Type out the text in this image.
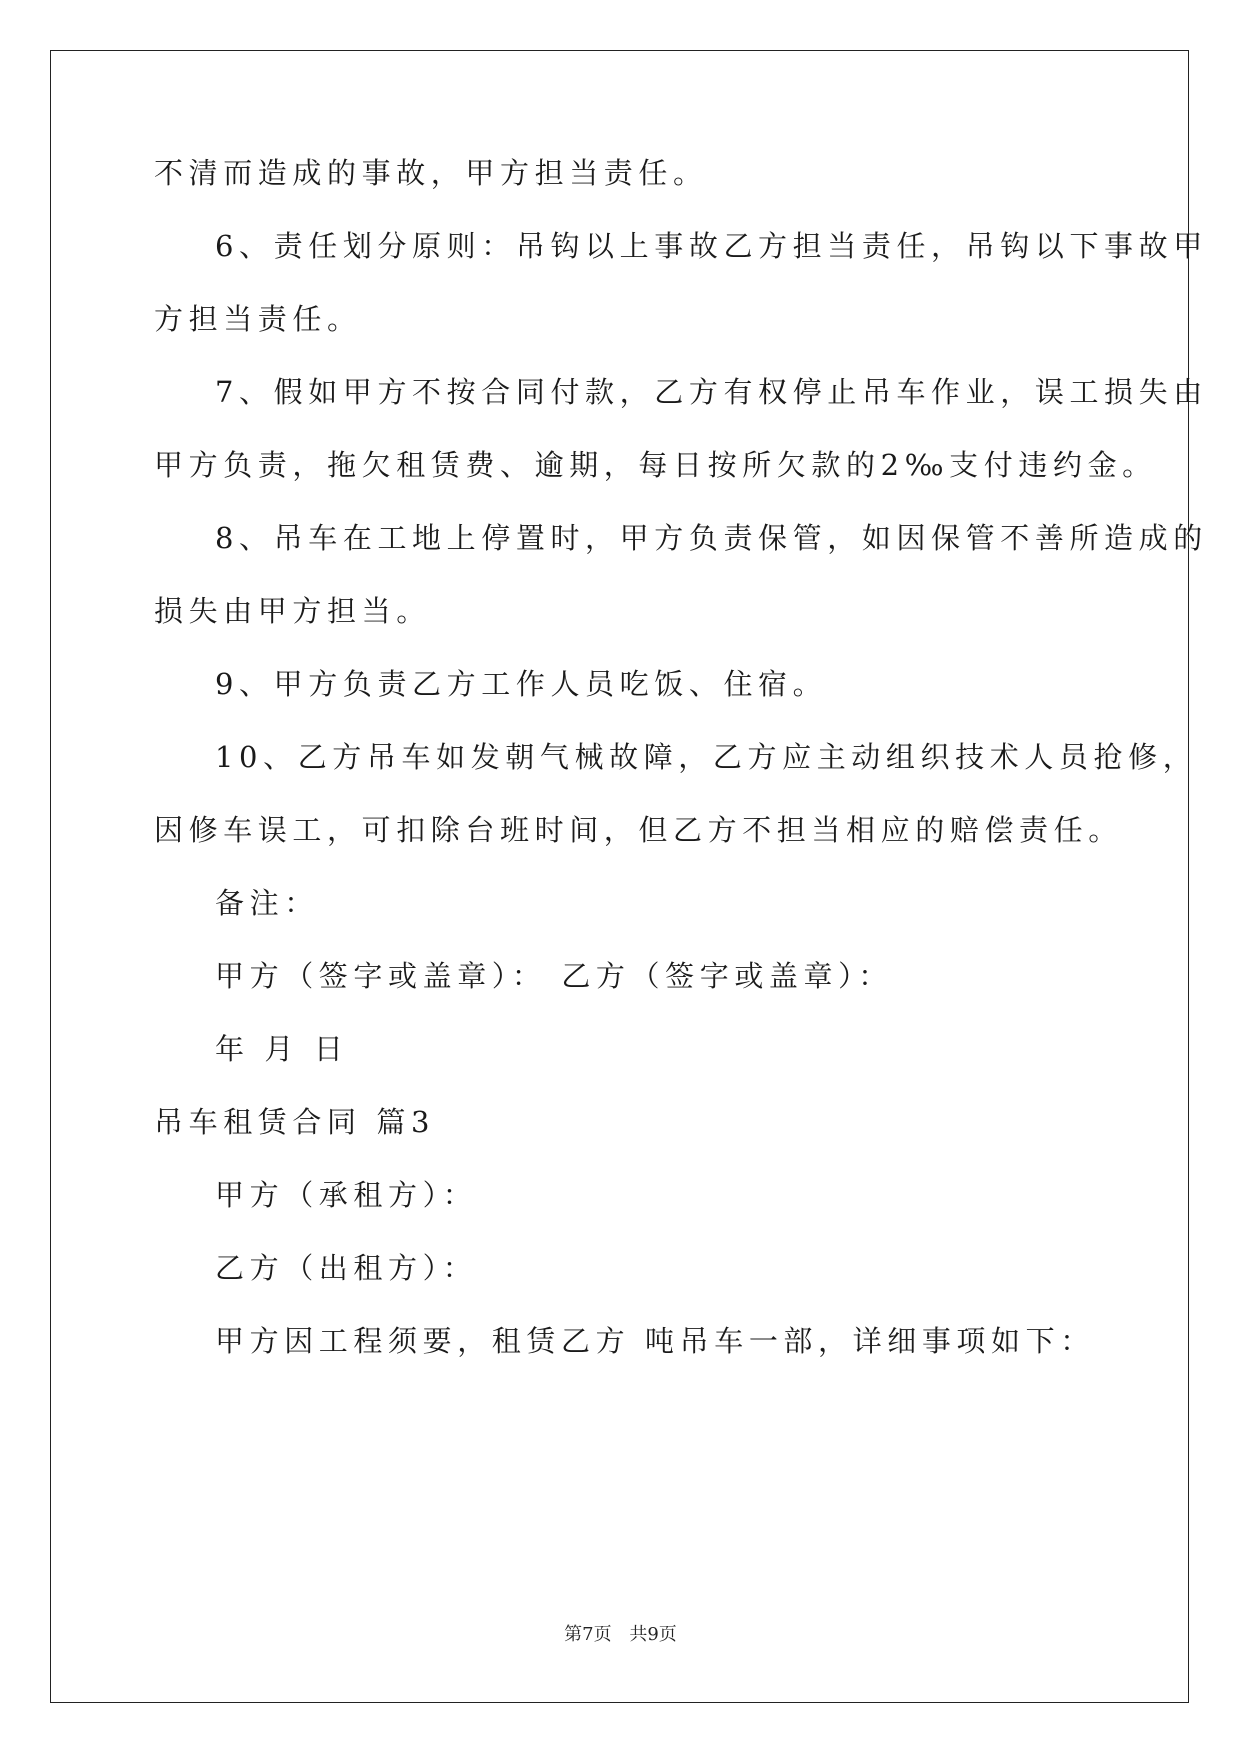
不清而造成的事故，甲方担当责任。
6、责任划分原则：吊钩以上事故乙方担当责任，吊钩以下事故甲
方担当责任。
7、假如甲方不按合同付款，乙方有权停止吊车作业，误工损失由
甲方负责，拖欠租赁费、逾期，每日按所欠款的2‰支付违约金。
8、吊车在工地上停置时，甲方负责保管，如因保管不善所造成的
损失由甲方担当。
9、甲方负责乙方工作人员吃饭、住宿。
10、乙方吊车如发朝气械故障，乙方应主动组织技术人员抢修，
因修车误工，可扣除台班时间，但乙方不担当相应的赔偿责任。
备注：
甲方（签字或盖章）： 乙方（签字或盖章）：
年 月 日
吊车租赁合同 篇3
甲方（承租方）：
乙方（出租方）：
甲方因工程须要，租赁乙方 吨吊车一部，详细事项如下：
第7页 共9页
